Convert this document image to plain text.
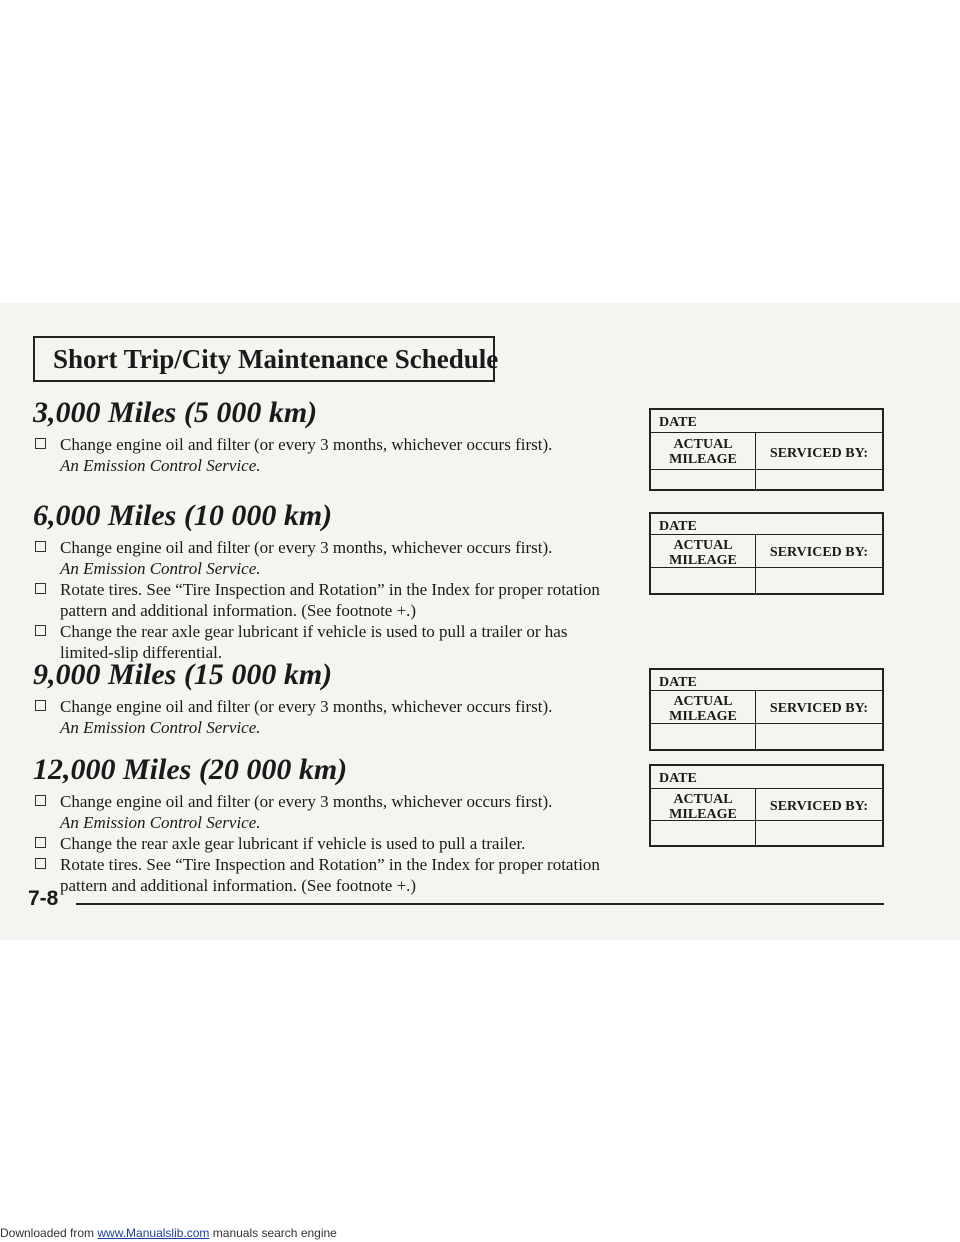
Short Trip/City Maintenance Schedule
3,000 Miles (5 000 km)
Change engine oil and filter (or every 3 months, whichever occurs first).
An Emission Control Service.
6,000 Miles (10 000 km)
Change engine oil and filter (or every 3 months, whichever occurs first).
An Emission Control Service.
Rotate tires. See “Tire Inspection and Rotation” in the Index for proper rotation pattern and additional information. (See footnote +.)
Change the rear axle gear lubricant if vehicle is used to pull a trailer or has limited-slip differential.
9,000 Miles (15 000 km)
Change engine oil and filter (or every 3 months, whichever occurs first).
An Emission Control Service.
12,000 Miles (20 000 km)
Change engine oil and filter (or every 3 months, whichever occurs first).
An Emission Control Service.
Change the rear axle gear lubricant if vehicle is used to pull a trailer.
Rotate tires. See “Tire Inspection and Rotation” in the Index for proper rotation pattern and additional information. (See footnote +.)
DATE
ACTUAL
MILEAGE	SERVICED BY:
DATE
ACTUAL
MILEAGE
SERVICED BY:
DATE
ACTUAL
MILEAGE
SERVICED BY:
DATE
ACTUAL
MILEAGE
SERVICED BY:
7-8
Downloaded from www.Manualslib.com manuals search engine
